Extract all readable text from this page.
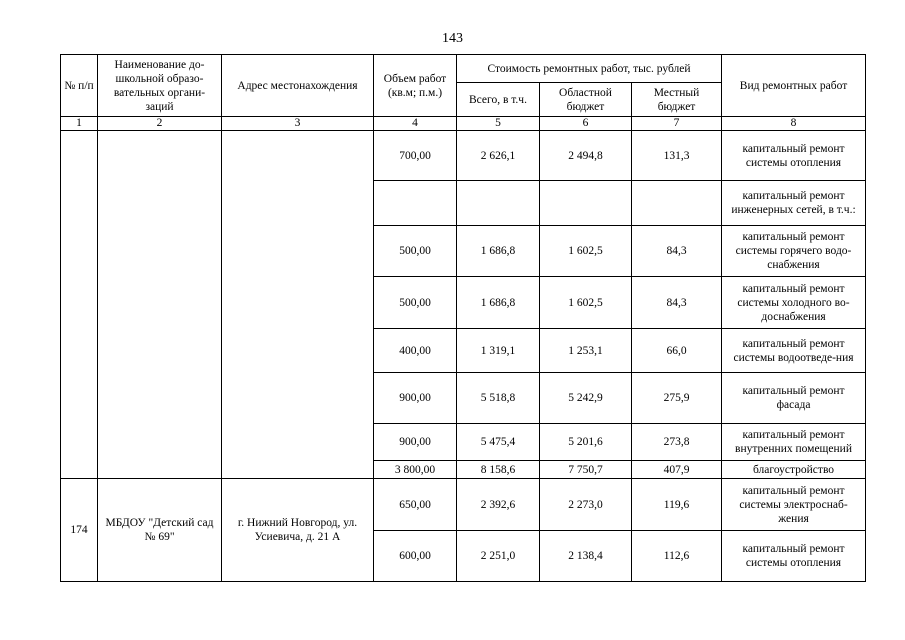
143
№ п/п	Наименование до-школьной образо-вательных органи-заций	Адрес местонахождения	Объем работ (кв.м; п.м.)	Стоимость ремонтных работ, тыс. рублей			Вид ремонтных работ
				Всего, в т.ч.	Областной бюджет	Местный бюджет	
1	2	3	4	5	6	7	8
			700,00	2 626,1	2 494,8	131,3	капитальный ремонт системы отопления
							капитальный ремонт инженерных сетей, в т.ч.:
			500,00	1 686,8	1 602,5	84,3	капитальный ремонт системы горячего водо-снабжения
			500,00	1 686,8	1 602,5	84,3	капитальный ремонт системы холодного во-доснабжения
			400,00	1 319,1	1 253,1	66,0	капитальный ремонт системы водоотведе-ния
			900,00	5 518,8	5 242,9	275,9	капитальный ремонт фасада
			900,00	5 475,4	5 201,6	273,8	капитальный ремонт внутренних помещений
			3 800,00	8 158,6	7 750,7	407,9	благоустройство
174	МБДОУ "Детский сад № 69"	г. Нижний Новгород, ул. Усиевича, д. 21 А	650,00	2 392,6	2 273,0	119,6	капитальный ремонт системы электроснаб-жения
			600,00	2 251,0	2 138,4	112,6	капитальный ремонт системы отопления
